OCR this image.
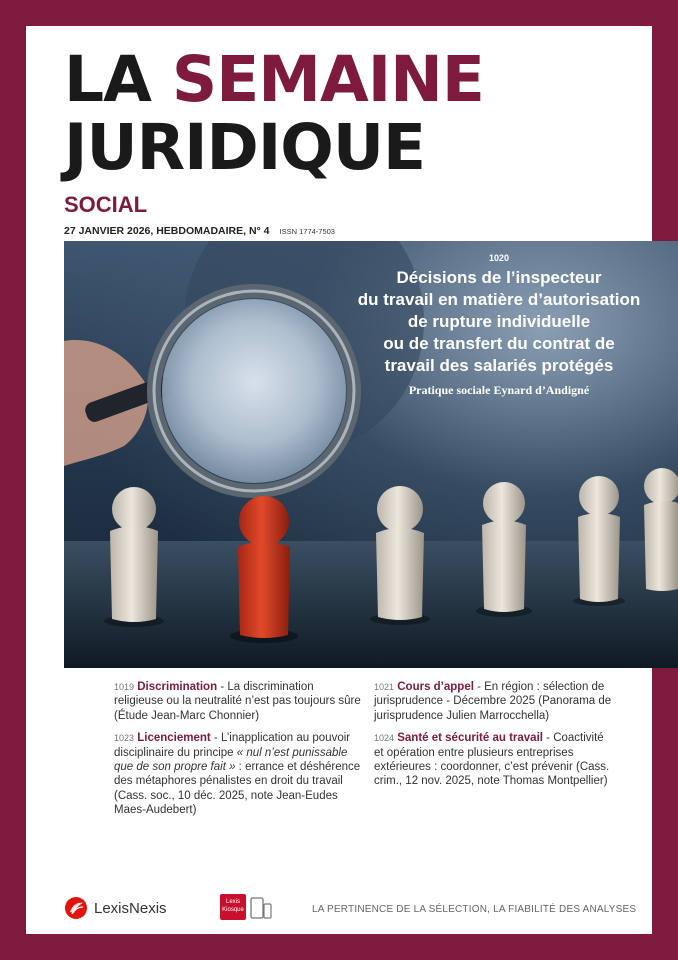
LA SEMAINE
JURIDIQUE
SOCIAL
27 JANVIER 2026, HEBDOMADAIRE, N° 4 ISSN 1774-7503
1019 Discrimination - La discrimination religieuse ou la neutralité n’est pas toujours sûre (Étude Jean-Marc Chonnier)
1023 Licenciement - L’inapplication au pouvoir disciplinaire du principe « nul n’est punissable que de son propre fait » : errance et déshérence des métaphores pénalistes en droit du travail (Cass. soc., 10 déc. 2025, note Jean-Eudes Maes-Audebert)
1021 Cours d’appel - En région : sélection de jurisprudence - Décembre 2025 (Panorama de jurisprudence Julien Marrocchella)
1024 Santé et sécurité au travail - Coactivité et opération entre plusieurs entreprises extérieures : coordonner, c’est prévenir (Cass. crim., 12 nov. 2025, note Thomas Montpellier)
LexisNexis	Lexis
Kiosque	LA PERTINENCE DE LA SÉLECTION, LA FIABILITÉ DES ANALYSES
1020
Décisions de l’inspecteur
du travail en matière d’autorisation
de rupture individuelle
ou de transfert du contrat de
travail des salariés protégés
Pratique sociale Eynard d’Andigné
